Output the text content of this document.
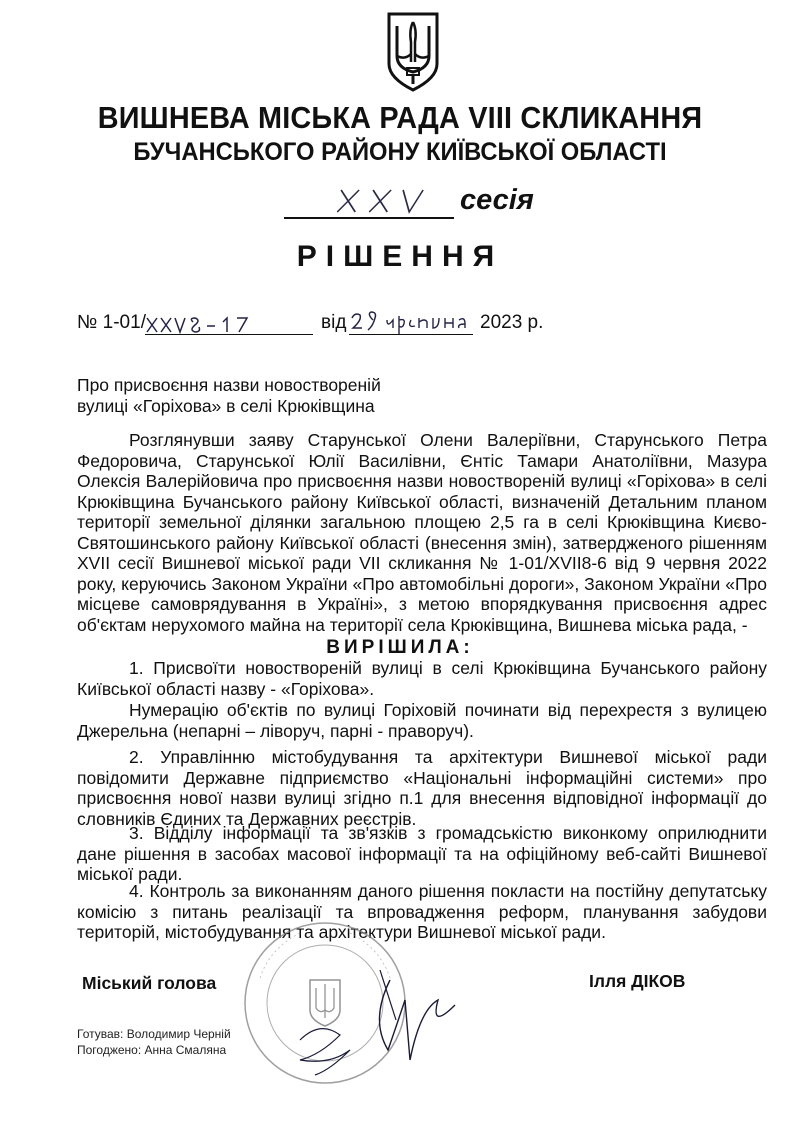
ВИШНЕВА МІСЬКА РАДА VIII СКЛИКАННЯ
БУЧАНСЬКОГО РАЙОНУ КИЇВСЬКОЇ ОБЛАСТІ
сесія
РІШЕННЯ
№ 1-01/	від	2023 р.
Про присвоєння назви новоствореній
вулиці «Горіхова» в селі Крюківщина
Розглянувши заяву Старунської Олени Валеріївни, Старунського Петра Федоровича, Старунської Юлії Василівни, Єнтіс Тамари Анатоліївни, Мазура Олексія Валерійовича про присвоєння назви новоствореній вулиці «Горіхова» в селі Крюківщина Бучанського району Київської області, визначеній Детальним планом території земельної ділянки загальною площею 2,5 га в селі Крюківщина Києво-Святошинського району Київської області (внесення змін), затвердженого рішенням XVII сесії Вишневої міської ради VII скликання № 1-01/XVII8-6 від 9 червня 2022 року, керуючись Законом України «Про автомобільні дороги», Законом України «Про місцеве самоврядування в Україні», з метою впорядкування присвоєння адрес об'єктам нерухомого майна на території села Крюківщина, Вишнева міська рада, -
ВИРІШИЛА:
1. Присвоїти новоствореній вулиці в селі Крюківщина Бучанського району Київської області назву - «Горіхова».
Нумерацію об'єктів по вулиці Горіховій починати від перехрестя з вулицею Джерельна (непарні – ліворуч, парні - праворуч).
2. Управлінню містобудування та архітектури Вишневої міської ради повідомити Державне підприємство «Національні інформаційні системи» про присвоєння нової назви вулиці згідно п.1 для внесення відповідної інформації до словників Єдиних та Державних реєстрів.
3. Відділу інформації та зв'язків з громадськістю виконкому оприлюднити дане рішення в засобах масової інформації та на офіційному веб-сайті Вишневої міської ради.
4. Контроль за виконанням даного рішення покласти на постійну депутатську комісію з питань реалізації та впровадження реформ, планування забудови територій, містобудування та архітектури Вишневої міської ради.
Міський голова	Ілля ДІКОВ
Готував: Володимир Черній
Погоджено: Анна Смаляна
